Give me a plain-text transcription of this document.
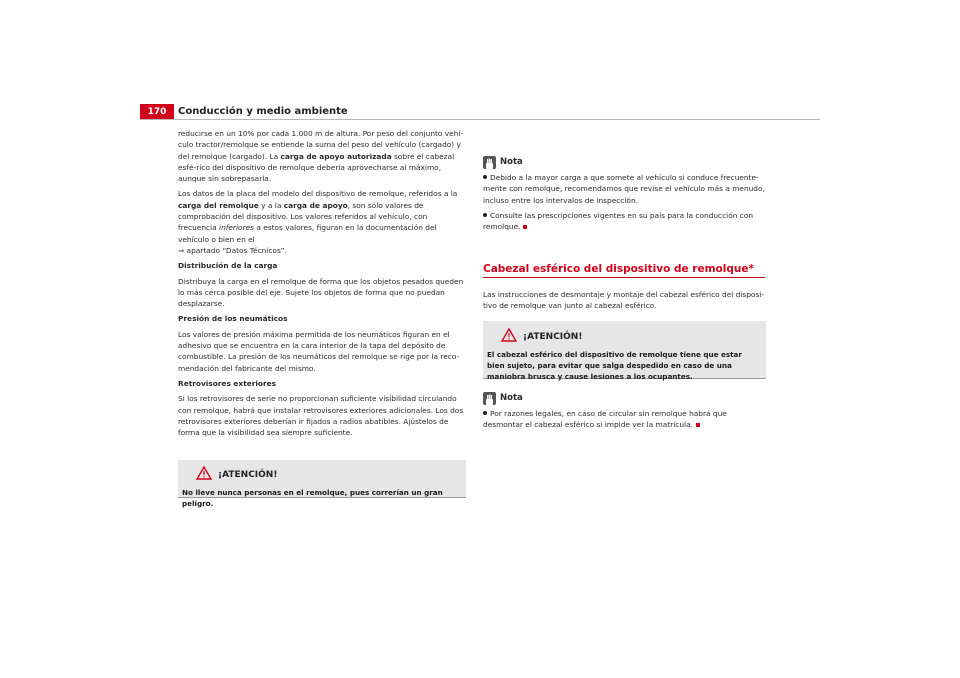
170	Conducción y medio ambiente

reducirse en un 10% por cada 1.000 m de altura. Por peso del conjunto vehí-culo tractor/remolque se entiende la suma del peso del vehículo (cargado) y del remolque (cargado). La carga de apoyo autorizada sobre el cabezal esfé-rico del dispositivo de remolque debería aprovecharse al máximo, aunque sin sobrepasarla.

Los datos de la placa del modelo del dispositivo de remolque, referidos a la carga del remolque y a la carga de apoyo, son sólo valores de comprobación del dispositivo. Los valores referidos al vehículo, con frecuencia inferiores a estos valores, figuran en la documentación del vehículo o bien en el
⇒ apartado “Datos Técnicos”.

Distribución de la carga

Distribuya la carga en el remolque de forma que los objetos pesados queden lo más cerca posible del eje. Sujete los objetos de forma que no puedan desplazarse.

Presión de los neumáticos

Los valores de presión máxima permitida de los neumáticos figuran en el adhesivo que se encuentra en la cara interior de la tapa del depósito de combustible. La presión de los neumáticos del remolque se rige por la reco-mendación del fabricante del mismo.

Retrovisores exteriores

Si los retrovisores de serie no proporcionan suficiente visibilidad circulando con remolque, habrá que instalar retrovisores exteriores adicionales. Los dos retrovisores exteriores deberían ir fijados a radios abatibles. Ajústelos de forma que la visibilidad sea siempre suficiente.

¡ATENCIÓN!
No lleve nunca personas en el remolque, pues correrían un gran peligro.
Nota

Debido a la mayor carga a que somete al vehículo si conduce frecuente-mente con remolque, recomendamos que revise el vehículo más a menudo, incluso entre los intervalos de inspección.

Consulte las prescripciones vigentes en su país para la conducción con remolque.

Cabezal esférico del dispositivo de remolque*

Las instrucciones de desmontaje y montaje del cabezal esférico del disposi-tivo de remolque van junto al cabezal esférico.

¡ATENCIÓN!
El cabezal esférico del dispositivo de remolque tiene que estar bien sujeto, para evitar que salga despedido en caso de una maniobra brusca y cause lesiones a los ocupantes.
Nota

Por razones legales, en caso de circular sin remolque habrá que desmontar el cabezal esférico si impide ver la matrícula.
